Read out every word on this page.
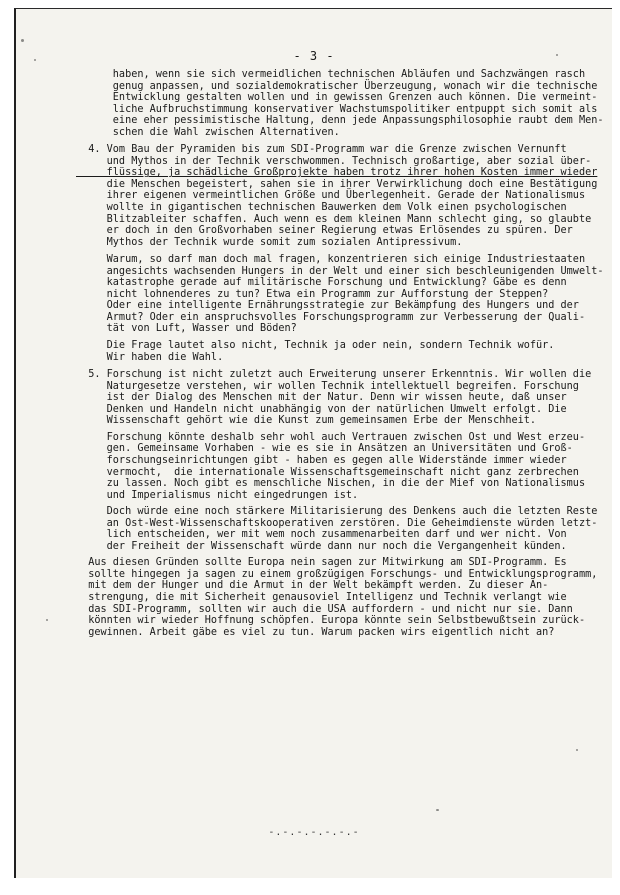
- 3 -
haben, wenn sie sich vermeidlichen technischen Abläufen und Sachzwängen rasch
genug anpassen, und sozialdemokratischer Überzeugung, wonach wir die technische
Entwicklung gestalten wollen und in gewissen Grenzen auch können. Die vermeint-
liche Aufbruchstimmung konservativer Wachstumspolitiker entpuppt sich somit als
eine eher pessimistische Haltung, denn jede Anpassungsphilosophie raubt dem Men-
schen die Wahl zwischen Alternativen.
4. Vom Bau der Pyramiden bis zum SDI-Programm war die Grenze zwischen Vernunft
und Mythos in der Technik verschwommen. Technisch großartige, aber sozial über-
flüssige, ja schädliche Großprojekte haben trotz ihrer hohen Kosten immer wieder
die Menschen begeistert, sahen sie in ihrer Verwirklichung doch eine Bestätigung
ihrer eigenen vermeintlichen Größe und Überlegenheit. Gerade der Nationalismus
wollte in gigantischen technischen Bauwerken dem Volk einen psychologischen
Blitzableiter schaffen. Auch wenn es dem kleinen Mann schlecht ging, so glaubte
er doch in den Großvorhaben seiner Regierung etwas Erlösendes zu spüren. Der
Mythos der Technik wurde somit zum sozialen Antipressivum.
Warum, so darf man doch mal fragen, konzentrieren sich einige Industriestaaten
angesichts wachsenden Hungers in der Welt und einer sich beschleunigenden Umwelt-
katastrophe gerade auf militärische Forschung und Entwicklung? Gäbe es denn
nicht lohnenderes zu tun? Etwa ein Programm zur Aufforstung der Steppen?
Oder eine intelligente Ernährungsstrategie zur Bekämpfung des Hungers und der
Armut? Oder ein anspruchsvolles Forschungsprogramm zur Verbesserung der Quali-
tät von Luft, Wasser und Böden?
Die Frage lautet also nicht, Technik ja oder nein, sondern Technik wofür.
Wir haben die Wahl.
5. Forschung ist nicht zuletzt auch Erweiterung unserer Erkenntnis. Wir wollen die
Naturgesetze verstehen, wir wollen Technik intellektuell begreifen. Forschung
ist der Dialog des Menschen mit der Natur. Denn wir wissen heute, daß unser
Denken und Handeln nicht unabhängig von der natürlichen Umwelt erfolgt. Die
Wissenschaft gehört wie die Kunst zum gemeinsamen Erbe der Menschheit.
Forschung könnte deshalb sehr wohl auch Vertrauen zwischen Ost und West erzeu-
gen. Gemeinsame Vorhaben - wie es sie in Ansätzen an Universitäten und Groß-
forschungseinrichtungen gibt - haben es gegen alle Widerstände immer wieder
vermocht,  die internationale Wissenschaftsgemeinschaft nicht ganz zerbrechen
zu lassen. Noch gibt es menschliche Nischen, in die der Mief von Nationalismus
und Imperialismus nicht eingedrungen ist.
Doch würde eine noch stärkere Militarisierung des Denkens auch die letzten Reste
an Ost-West-Wissenschaftskooperativen zerstören. Die Geheimdienste würden letzt-
lich entscheiden, wer mit wem noch zusammenarbeiten darf und wer nicht. Von
der Freiheit der Wissenschaft würde dann nur noch die Vergangenheit künden.
Aus diesen Gründen sollte Europa nein sagen zur Mitwirkung am SDI-Programm. Es
sollte hingegen ja sagen zu einem großzügigen Forschungs- und Entwicklungsprogramm,
mit dem der Hunger und die Armut in der Welt bekämpft werden. Zu dieser An-
strengung, die mit Sicherheit genausoviel Intelligenz und Technik verlangt wie
das SDI-Programm, sollten wir auch die USA auffordern - und nicht nur sie. Dann
könnten wir wieder Hoffnung schöpfen. Europa könnte sein Selbstbewußtsein zurück-
gewinnen. Arbeit gäbe es viel zu tun. Warum packen wirs eigentlich nicht an?
-.-.-.-.-.-.-
